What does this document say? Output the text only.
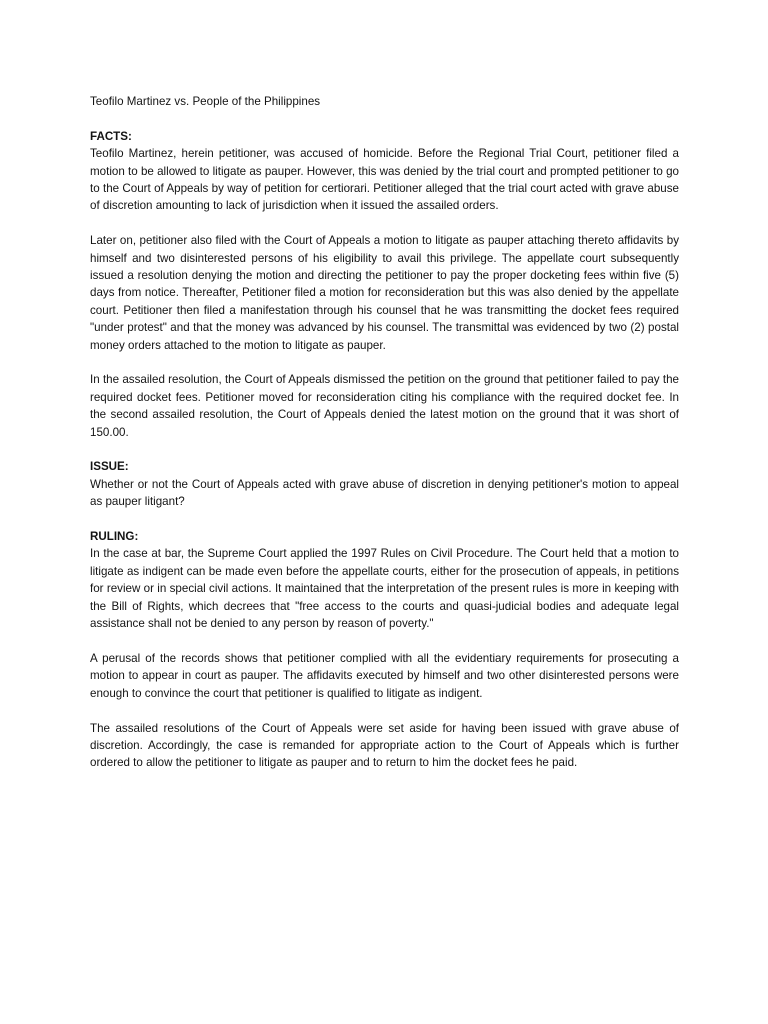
Teofilo Martinez vs. People of the Philippines

FACTS:

Teofilo Martinez, herein petitioner, was accused of homicide. Before the Regional Trial Court, petitioner filed a motion to be allowed to litigate as pauper. However, this was denied by the trial court and prompted petitioner to go to the Court of Appeals by way of petition for certiorari. Petitioner alleged that the trial court acted with grave abuse of discretion amounting to lack of jurisdiction when it issued the assailed orders.

Later on, petitioner also filed with the Court of Appeals a motion to litigate as pauper attaching thereto affidavits by himself and two disinterested persons of his eligibility to avail this privilege. The appellate court subsequently issued a resolution denying the motion and directing the petitioner to pay the proper docketing fees within five (5) days from notice. Thereafter, Petitioner filed a motion for reconsideration but this was also denied by the appellate court. Petitioner then filed a manifestation through his counsel that he was transmitting the docket fees required "under protest" and that the money was advanced by his counsel. The transmittal was evidenced by two (2) postal money orders attached to the motion to litigate as pauper.

In the assailed resolution, the Court of Appeals dismissed the petition on the ground that petitioner failed to pay the required docket fees. Petitioner moved for reconsideration citing his compliance with the required docket fee. In the second assailed resolution, the Court of Appeals denied the latest motion on the ground that it was short of 150.00.

ISSUE:

Whether or not the Court of Appeals acted with grave abuse of discretion in denying petitioner's motion to appeal as pauper litigant?

RULING:

In the case at bar, the Supreme Court applied the 1997 Rules on Civil Procedure. The Court held that a motion to litigate as indigent can be made even before the appellate courts, either for the prosecution of appeals, in petitions for review or in special civil actions. It maintained that the interpretation of the present rules is more in keeping with the Bill of Rights, which decrees that "free access to the courts and quasi-judicial bodies and adequate legal assistance shall not be denied to any person by reason of poverty."

A perusal of the records shows that petitioner complied with all the evidentiary requirements for prosecuting a motion to appear in court as pauper. The affidavits executed by himself and two other disinterested persons were enough to convince the court that petitioner is qualified to litigate as indigent.

The assailed resolutions of the Court of Appeals were set aside for having been issued with grave abuse of discretion. Accordingly, the case is remanded for appropriate action to the Court of Appeals which is further ordered to allow the petitioner to litigate as pauper and to return to him the docket fees he paid.
